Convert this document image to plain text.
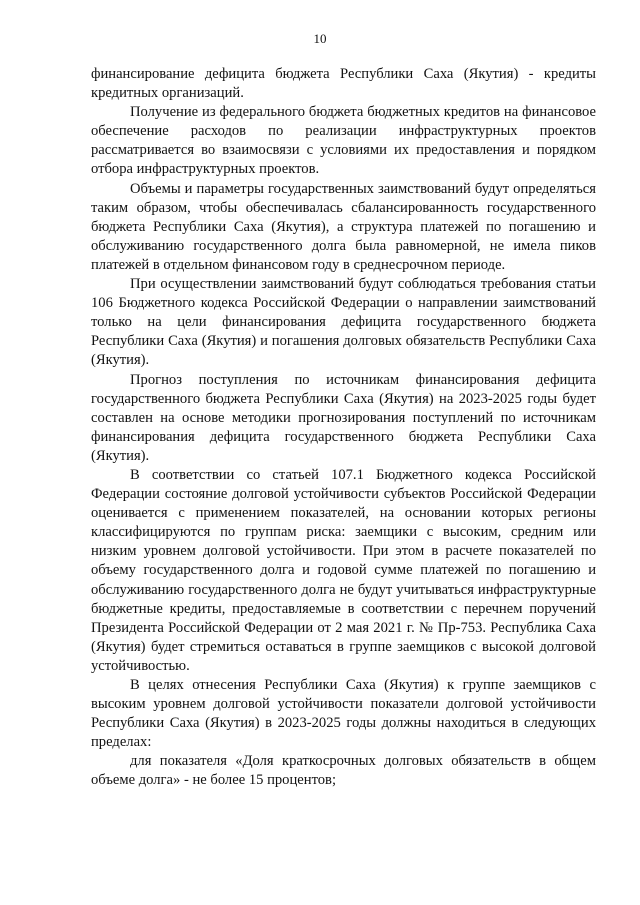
10

финансирование дефицита бюджета Республики Саха (Якутия) - кредиты кредитных организаций.

Получение из федерального бюджета бюджетных кредитов на финансовое обеспечение расходов по реализации инфраструктурных проектов рассматривается во взаимосвязи с условиями их предоставления и порядком отбора инфраструктурных проектов.

Объемы и параметры государственных заимствований будут определяться таким образом, чтобы обеспечивалась сбалансированность государственного бюджета Республики Саха (Якутия), а структура платежей по погашению и обслуживанию государственного долга была равномерной, не имела пиков платежей в отдельном финансовом году в среднесрочном периоде.

При осуществлении заимствований будут соблюдаться требования статьи 106 Бюджетного кодекса Российской Федерации о направлении заимствований только на цели финансирования дефицита государственного бюджета Республики Саха (Якутия) и погашения долговых обязательств Республики Саха (Якутия).

Прогноз поступления по источникам финансирования дефицита государственного бюджета Республики Саха (Якутия) на 2023-2025 годы будет составлен на основе методики прогнозирования поступлений по источникам финансирования дефицита государственного бюджета Республики Саха (Якутия).

В соответствии со статьей 107.1 Бюджетного кодекса Российской Федерации состояние долговой устойчивости субъектов Российской Федерации оценивается с применением показателей, на основании которых регионы классифицируются по группам риска: заемщики с высоким, средним или низким уровнем долговой устойчивости. При этом в расчете показателей по объему государственного долга и годовой сумме платежей по погашению и обслуживанию государственного долга не будут учитываться инфраструктурные бюджетные кредиты, предоставляемые в соответствии с перечнем поручений Президента Российской Федерации от 2 мая 2021 г. № Пр-753. Республика Саха (Якутия) будет стремиться оставаться в группе заемщиков с высокой долговой устойчивостью.

В целях отнесения Республики Саха (Якутия) к группе заемщиков с высоким уровнем долговой устойчивости показатели долговой устойчивости Республики Саха (Якутия) в 2023-2025 годы должны находиться в следующих пределах:

для показателя «Доля краткосрочных долговых обязательств в общем объеме долга» - не более 15 процентов;
